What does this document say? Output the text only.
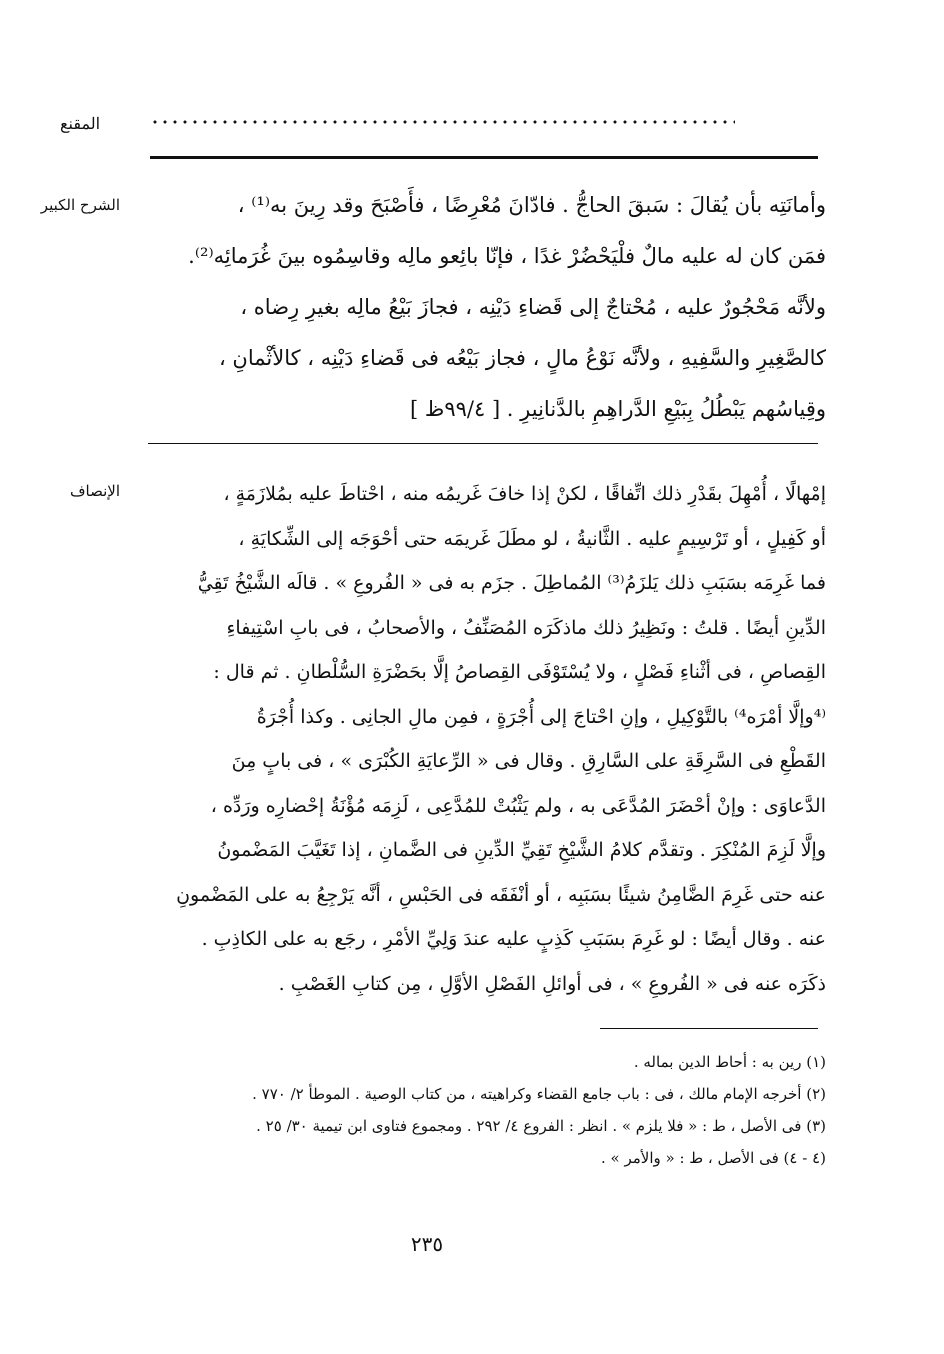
المقنع
الشرح الكبير	وأمانَتِه بأن يُقالَ : سَبقَ الحاجُّ . فادّانَ مُعْرِضًا ، فأَصْبَحَ وقد رِينَ به⁽¹⁾ ،

فمَن كان له عليه مالٌ فلْيَحْضُرْ غدًا ، فإنّا بائِعو مالِه وقاسِمُوه بينَ غُرَمائِه⁽²⁾.

ولأنَّه مَحْجُورٌ عليه ، مُحْتاجٌ إلى قَضاءِ دَيْنِه ، فجازَ بَيْعُ مالِه بغيرِ رِضاه ،

كالصَّغِيرِ والسَّفِيهِ ، ولأنَّه نَوْعُ مالٍ ، فجاز بَيْعُه فى قَضاءِ دَيْنِه ، كالأثْمانِ ،

وقِياسُهم يَبْطُلُ بِبَيْعِ الدَّراهِمِ بالدَّنانِيرِ . [ ٩٩/٤ظ ]

الإنصاف	إمْهالًا ، أُمْهِلَ بقَدْرِ ذلك اتِّفاقًا ، لكنْ إذا خافَ غَريمُه منه ، احْتاطَ عليه بمُلازَمَةٍ ،

أو كَفِيلٍ ، أو تَرْسِيمٍ عليه . الثَّانيةُ ، لو مطَلَ غَريمَه حتى أحْوَجَه إلى الشِّكايَةِ ،

فما غَرِمَه بسَبَبِ ذلك يَلزَمُ⁽³⁾ المُماطِلَ . جزَم به فى « الفُروعِ » . قالَه الشَّيْخُ تَقِيُّ

الدِّينِ أيضًا . قلتُ : ونَظِيرُ ذلك ماذكَرَه المُصَنِّفُ ، والأصحابُ ، فى بابِ اسْتِيفاءِ

القِصاصِ ، فى أثْناءِ فَصْلٍ ، ولا يُسْتَوْفَى القِصاصُ إلَّا بحَضْرَةِ السُّلْطانِ . ثم قال :

⁽⁴وإلَّا أمْرَه⁴⁾ بالتَّوْكِيلِ ، وإنِ احْتاجَ إلى أُجْرَةٍ ، فمِن مالِ الجانِى . وكذا أُجْرَةُ

القَطْعِ فى السَّرِقَةِ على السَّارِقِ . وقال فى « الرِّعايَةِ الكُبْرَى » ، فى بابٍ مِنَ

الدَّعاوَى : وإنْ أحْضَرَ المُدَّعَى به ، ولم يَثْبُتْ للمُدَّعِى ، لَزِمَه مُؤْنَةُ إحْضارِه ورَدِّه ،

وإلَّا لَزِمَ المُنْكِرَ . وتقدَّم كلامُ الشَّيْخِ تَقِيِّ الدِّينِ فى الضَّمانِ ، إذا تَغَيَّبَ المَضْمونُ

عنه حتى غَرِمَ الضَّامِنُ شيئًا بسَبَبِه ، أو أنْفَقَه فى الحَبْسِ ، أنَّه يَرْجِعُ به على المَضْمونِ

عنه . وقال أيضًا : لو غَرِمَ بسَبَبِ كَذِبٍ عليه عندَ وَلِيِّ الأمْرِ ، رجَع به على الكاذِبِ .

ذكَرَه عنه فى « الفُروعِ » ، فى أوائلِ الفَصْلِ الأوَّلِ ، مِن كتابِ الغَصْبِ .

(١) رين به : أحاط الدين بماله .

(٢) أخرجه الإمام مالك ، فى : باب جامع القضاء وكراهيته ، من كتاب الوصية . الموطأ ٢/ ٧٧٠ .

(٣) فى الأصل ، ط : « فلا يلزم » . انظر : الفروع ٤/ ٢٩٢ . ومجموع فتاوى ابن تيمية ٣٠/ ٢٥ .

(٤ - ٤) فى الأصل ، ط : « والأمر » .

٢٣٥
